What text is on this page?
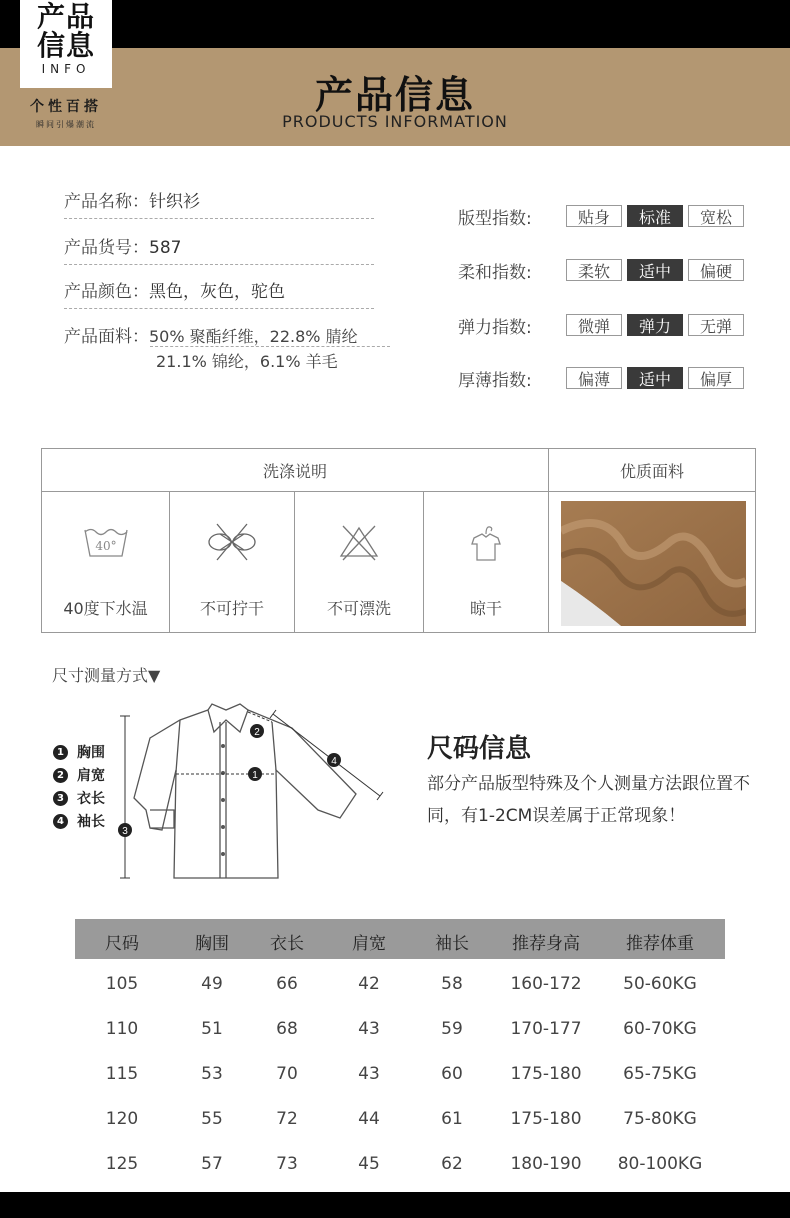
产品
信息
INFO
个性百搭
瞬间引爆潮流
产品信息
PRODUCTS INFORMATION
产品名称：针织衫
产品货号：587
产品颜色：黑色，灰色，驼色
产品面料：50% 聚酯纤维，22.8% 腈纶
21.1% 锦纶，6.1% 羊毛
版型指数:	贴身	标准	宽松
柔和指数:	柔软	适中	偏硬
弹力指数:	微弹	弹力	无弹
厚薄指数:	偏薄	适中	偏厚
洗涤说明	优质面料
40°
40度下水温	不可拧干	不可漂洗	晾干
尺寸测量方式▼
1 胸围
2 肩宽
3 衣长
4 袖长
1
2
3
4	尺码信息
部分产品版型特殊及个人测量方法跟位置不同，有1-2CM误差属于正常现象！
尺码	胸围	衣长	肩宽	袖长	推荐身高	推荐体重
105	49	66	42	58	160-172	50-60KG
110	51	68	43	59	170-177	60-70KG
115	53	70	43	60	175-180	65-75KG
120	55	72	44	61	175-180	75-80KG
125	57	73	45	62	180-190	80-100KG
